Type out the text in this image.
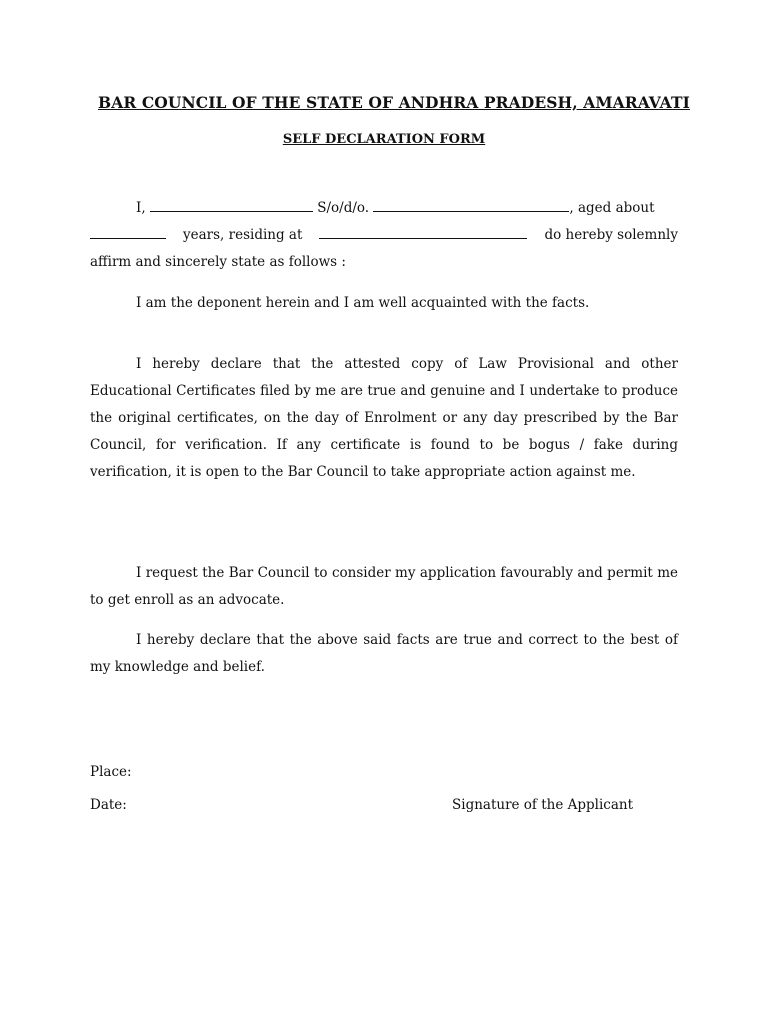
BAR COUNCIL OF THE STATE OF ANDHRA PRADESH, AMARAVATI
SELF DECLARATION FORM
I,	S/o/d/o.	, aged about
years, residing at	do hereby solemnly
affirm and sincerely state as follows :
I am the deponent herein and I am well acquainted with the facts.
I hereby declare that the attested copy of Law Provisional and other Educational Certificates filed by me are true and genuine and I undertake to produce the original certificates, on the day of Enrolment or any day prescribed by the Bar Council, for verification. If any certificate is found to be bogus / fake during verification, it is open to the Bar Council to take appropriate action against me.
I request the Bar Council to consider my application favourably and permit me to get enroll as an advocate.
I hereby declare that the above said facts are true and correct to the best of my knowledge and belief.
Place:
Date:	Signature of the Applicant
